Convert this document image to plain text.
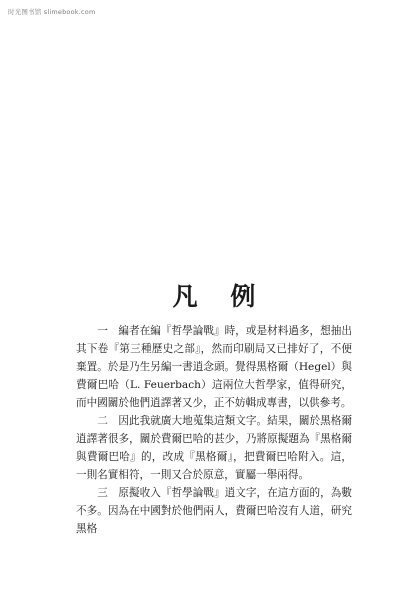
时光图书馆 slimebook.com
凡 例

一　編者在編『哲學論戰』時，或是材料過多，想抽出其下卷『第三種歷史之部』，然而印刷局又已排好了，不便棄置。於是乃生另編一書逍念頭。覺得黑格爾（Hegel）與費爾巴哈（L. Feuerbach）這兩位大哲學家，值得研究，而中國關於他們逍譯著又少，正不妨輯成專書，以供參考。

二　因此我就廣大地蒐集這類文字。結果，關於黑格爾逍譯著很多，關於費爾巴哈的甚少，乃將原擬題為『黑格爾與費爾巴哈』的，改成『黑格爾』，把費爾巴哈附入。這，一則名實相符，一則又合於原意，實屬一舉兩得。

三　原擬收入『哲學論戰』逍文字，在這方面的，為數不多。因為在中國對於他們兩人，費爾巴哈沒有人道，研究黑格
